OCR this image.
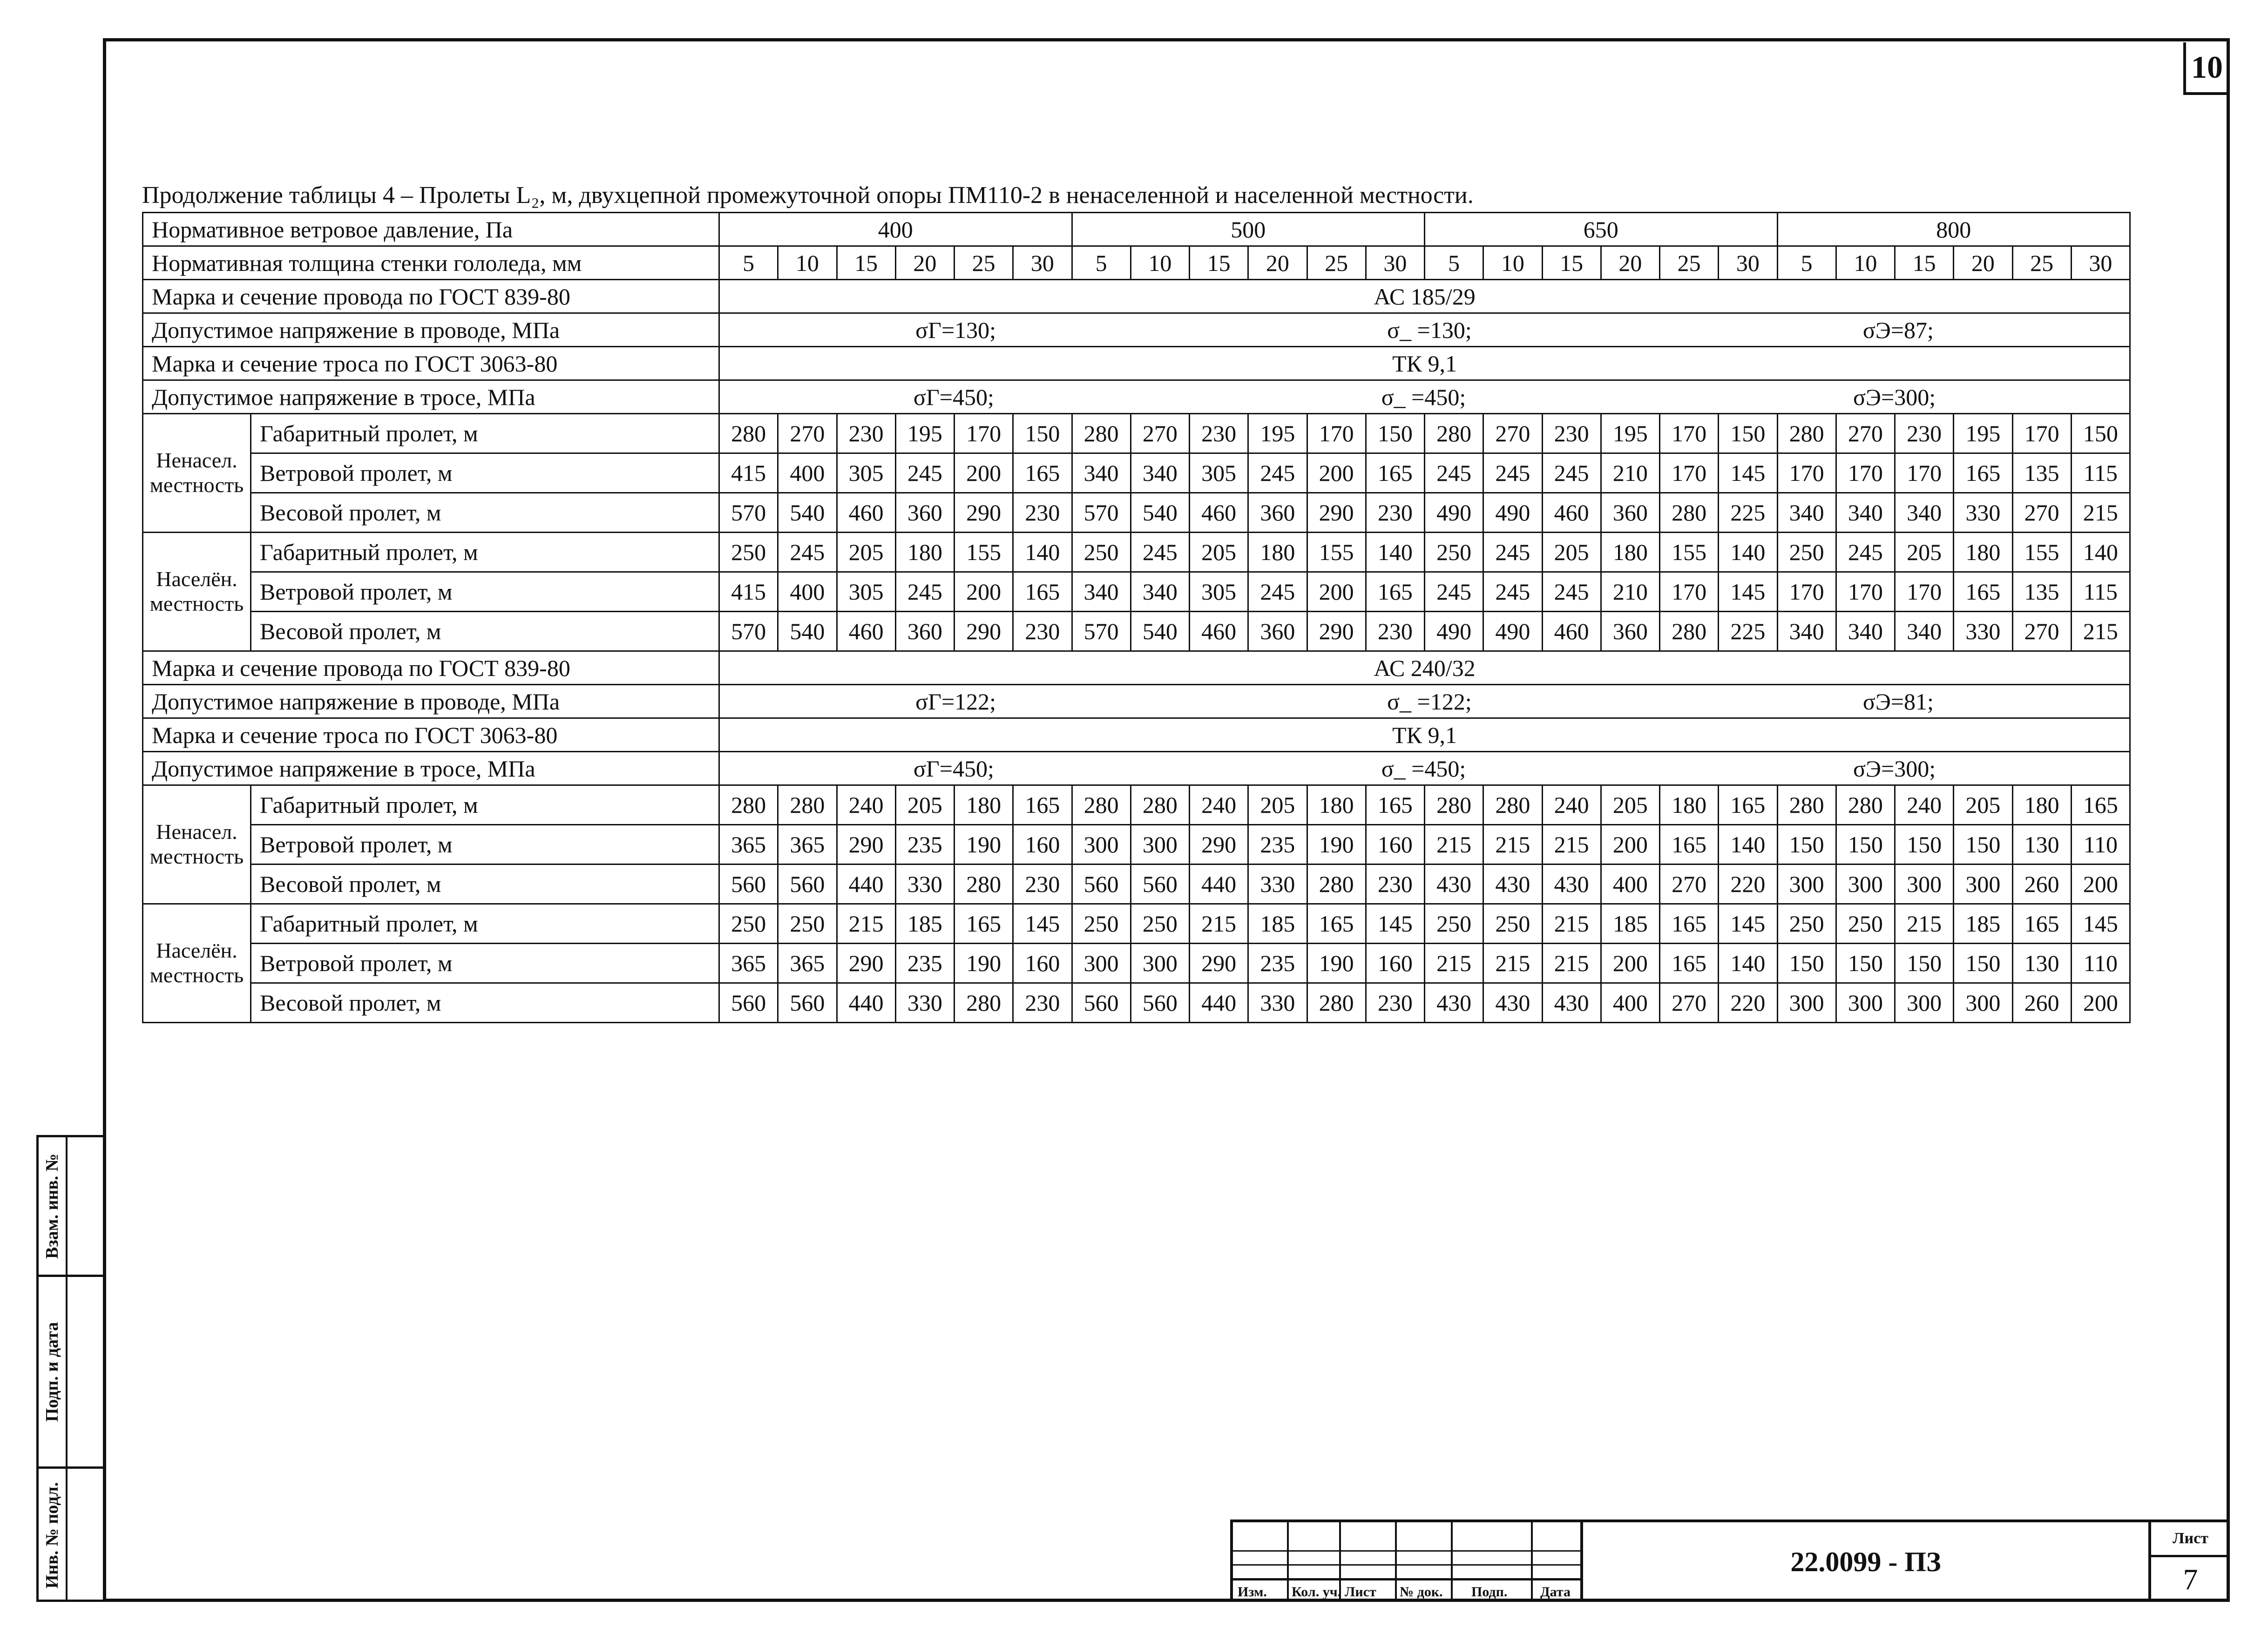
10
Взам. инв. №
Подп. и дата
Инв. № подл.
Продолжение таблицы 4 – Пролеты L₂, м, двухцепной промежуточной опоры ПМ110-2 в ненаселенной и населенной местности.
Нормативное ветровое давление, Па		400						500						650						800					
Нормативная толщина стенки гололеда, мм		5	10	15	20	25	30	5	10	15	20	25	30	5	10	15	20	25	30	5	10	15	20	25	30
Марка и сечение провода по ГОСТ 839-80		АС 185/29																							
Допустимое напряжение в проводе, МПа		σГ=130; σ_ =130; σЭ=87;																							

Марка и сечение троса по ГОСТ 3063-80		ТК 9,1																							
Допустимое напряжение в тросе, МПа		σГ=450; σ_ =450; σЭ=300;																							

Ненасел. местность	Габаритный пролет, м	280	270	230	195	170	150	280	270	230	195	170	150	280	270	230	195	170	150	280	270	230	195	170	150
	Ветровой пролет, м	415	400	305	245	200	165	340	340	305	245	200	165	245	245	245	210	170	145	170	170	170	165	135	115
	Весовой пролет, м	570	540	460	360	290	230	570	540	460	360	290	230	490	490	460	360	280	225	340	340	340	330	270	215
Населён. местность	Габаритный пролет, м	250	245	205	180	155	140	250	245	205	180	155	140	250	245	205	180	155	140	250	245	205	180	155	140
	Ветровой пролет, м	415	400	305	245	200	165	340	340	305	245	200	165	245	245	245	210	170	145	170	170	170	165	135	115
	Весовой пролет, м	570	540	460	360	290	230	570	540	460	360	290	230	490	490	460	360	280	225	340	340	340	330	270	215
Марка и сечение провода по ГОСТ 839-80		АС 240/32																							
Допустимое напряжение в проводе, МПа		σГ=122; σ_ =122; σЭ=81;																							

Марка и сечение троса по ГОСТ 3063-80		ТК 9,1																							
Допустимое напряжение в тросе, МПа		σГ=450; σ_ =450; σЭ=300;																							

Ненасел. местность	Габаритный пролет, м	280	280	240	205	180	165	280	280	240	205	180	165	280	280	240	205	180	165	280	280	240	205	180	165
	Ветровой пролет, м	365	365	290	235	190	160	300	300	290	235	190	160	215	215	215	200	165	140	150	150	150	150	130	110
	Весовой пролет, м	560	560	440	330	280	230	560	560	440	330	280	230	430	430	430	400	270	220	300	300	300	300	260	200
Населён. местность	Габаритный пролет, м	250	250	215	185	165	145	250	250	215	185	165	145	250	250	215	185	165	145	250	250	215	185	165	145
	Ветровой пролет, м	365	365	290	235	190	160	300	300	290	235	190	160	215	215	215	200	165	140	150	150	150	150	130	110
	Весовой пролет, м	560	560	440	330	280	230	560	560	440	330	280	230	430	430	430	400	270	220	300	300	300	300	260	200
Изм. Кол. уч. Лист № док. Подп. Дата
22.0099 - ПЗ
Лист
7
